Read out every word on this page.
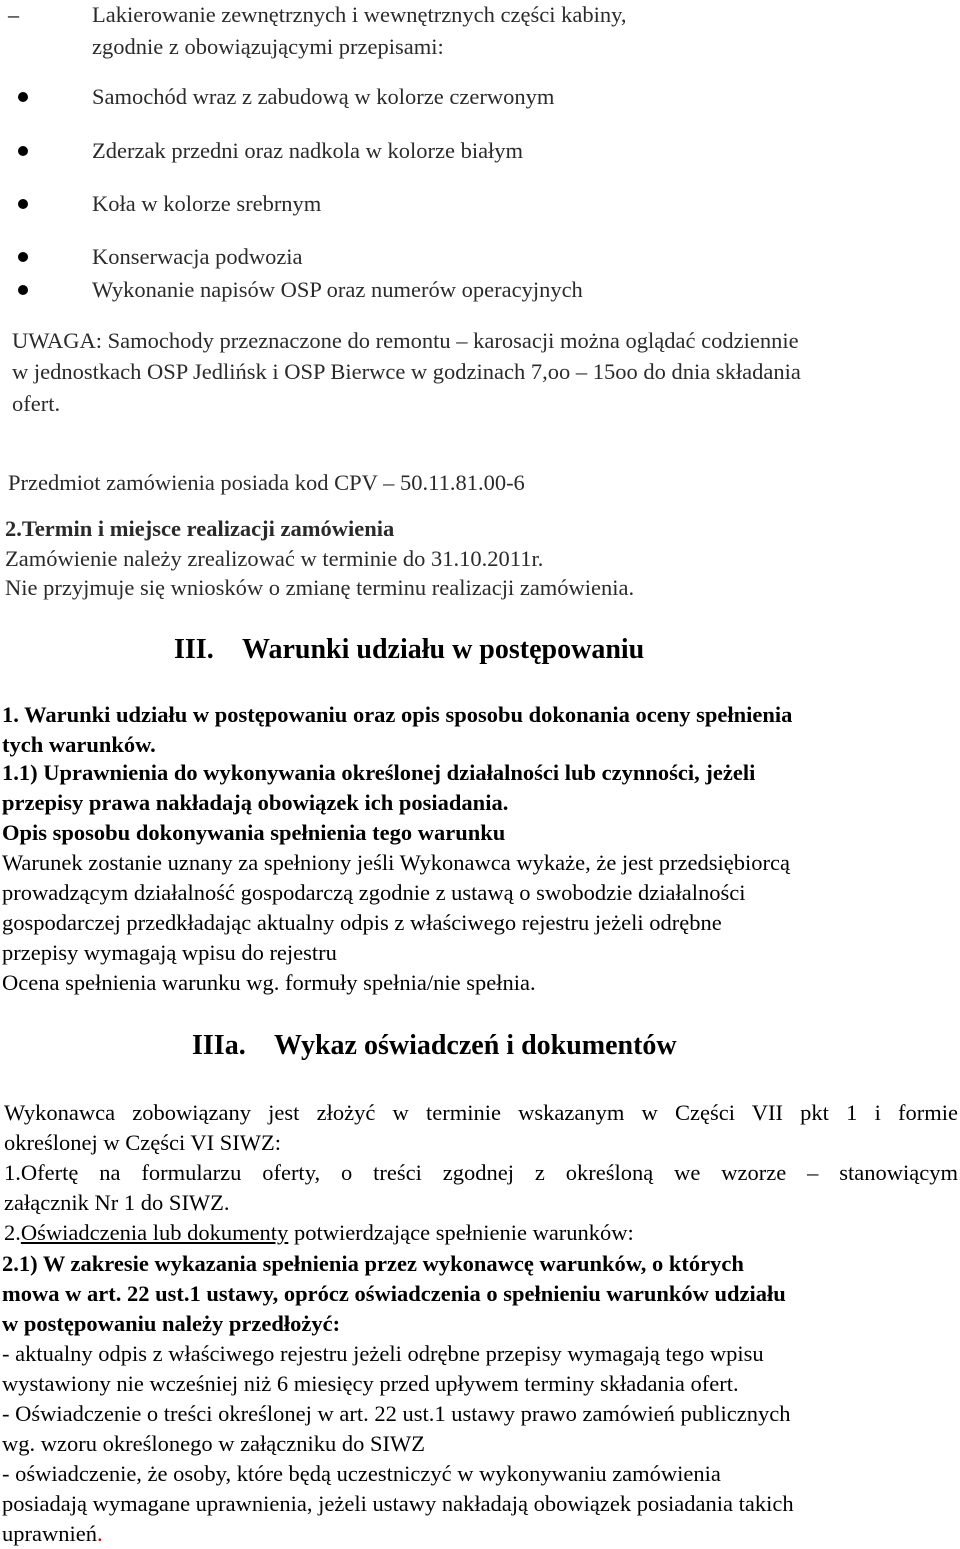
–	Lakierowanie zewnętrznych i wewnętrznych części kabiny,
zgodnie z obowiązującymi przepisami:
Samochód wraz z zabudową w kolorze czerwonym
Zderzak przedni oraz nadkola w kolorze białym
Koła w kolorze srebrnym
Konserwacja podwozia
Wykonanie napisów OSP oraz numerów operacyjnych
UWAGA: Samochody przeznaczone do remontu – karosacji można oglądać codziennie
w jednostkach OSP Jedlińsk i OSP Bierwce w godzinach 7,oo – 15oo do dnia składania
ofert.
Przedmiot zamówienia posiada kod CPV – 50.11.81.00-6
2.Termin i miejsce realizacji zamówienia
Zamówienie należy zrealizować w terminie do 31.10.2011r.
Nie przyjmuje się wniosków o zmianę terminu realizacji zamówienia.
III. Warunki udziału w postępowaniu
1. Warunki udziału w postępowaniu oraz opis sposobu dokonania oceny spełnienia
tych warunków.
1.1) Uprawnienia do wykonywania określonej działalności lub czynności, jeżeli
przepisy prawa nakładają obowiązek ich posiadania.
Opis sposobu dokonywania spełnienia tego warunku
Warunek zostanie uznany za spełniony jeśli Wykonawca wykaże, że jest przedsiębiorcą
prowadzącym działalność gospodarczą zgodnie z ustawą o swobodzie działalności
gospodarczej przedkładając aktualny odpis z właściwego rejestru jeżeli odrębne
przepisy wymagają wpisu do rejestru
Ocena spełnienia warunku wg. formuły spełnia/nie spełnia.
IIIa. Wykaz oświadczeń i dokumentów
Wykonawca zobowiązany jest złożyć w terminie wskazanym w Części VII pkt 1 i formie
określonej w Części VI SIWZ:
1.Ofertę na formularzu oferty, o treści zgodnej z określoną we wzorze – stanowiącym
załącznik Nr 1 do SIWZ.
2.Oświadczenia lub dokumenty potwierdzające spełnienie warunków:
2.1) W zakresie wykazania spełnienia przez wykonawcę warunków, o których
mowa w art. 22 ust.1 ustawy, oprócz oświadczenia o spełnieniu warunków udziału
w postępowaniu należy przedłożyć:
- aktualny odpis z właściwego rejestru jeżeli odrębne przepisy wymagają tego wpisu
wystawiony nie wcześniej niż 6 miesięcy przed upływem terminy składania ofert.
- Oświadczenie o treści określonej w art. 22 ust.1 ustawy prawo zamówień publicznych
wg. wzoru określonego w załączniku do SIWZ
- oświadczenie, że osoby, które będą uczestniczyć w wykonywaniu zamówienia
posiadają wymagane uprawnienia, jeżeli ustawy nakładają obowiązek posiadania takich
uprawnień.
